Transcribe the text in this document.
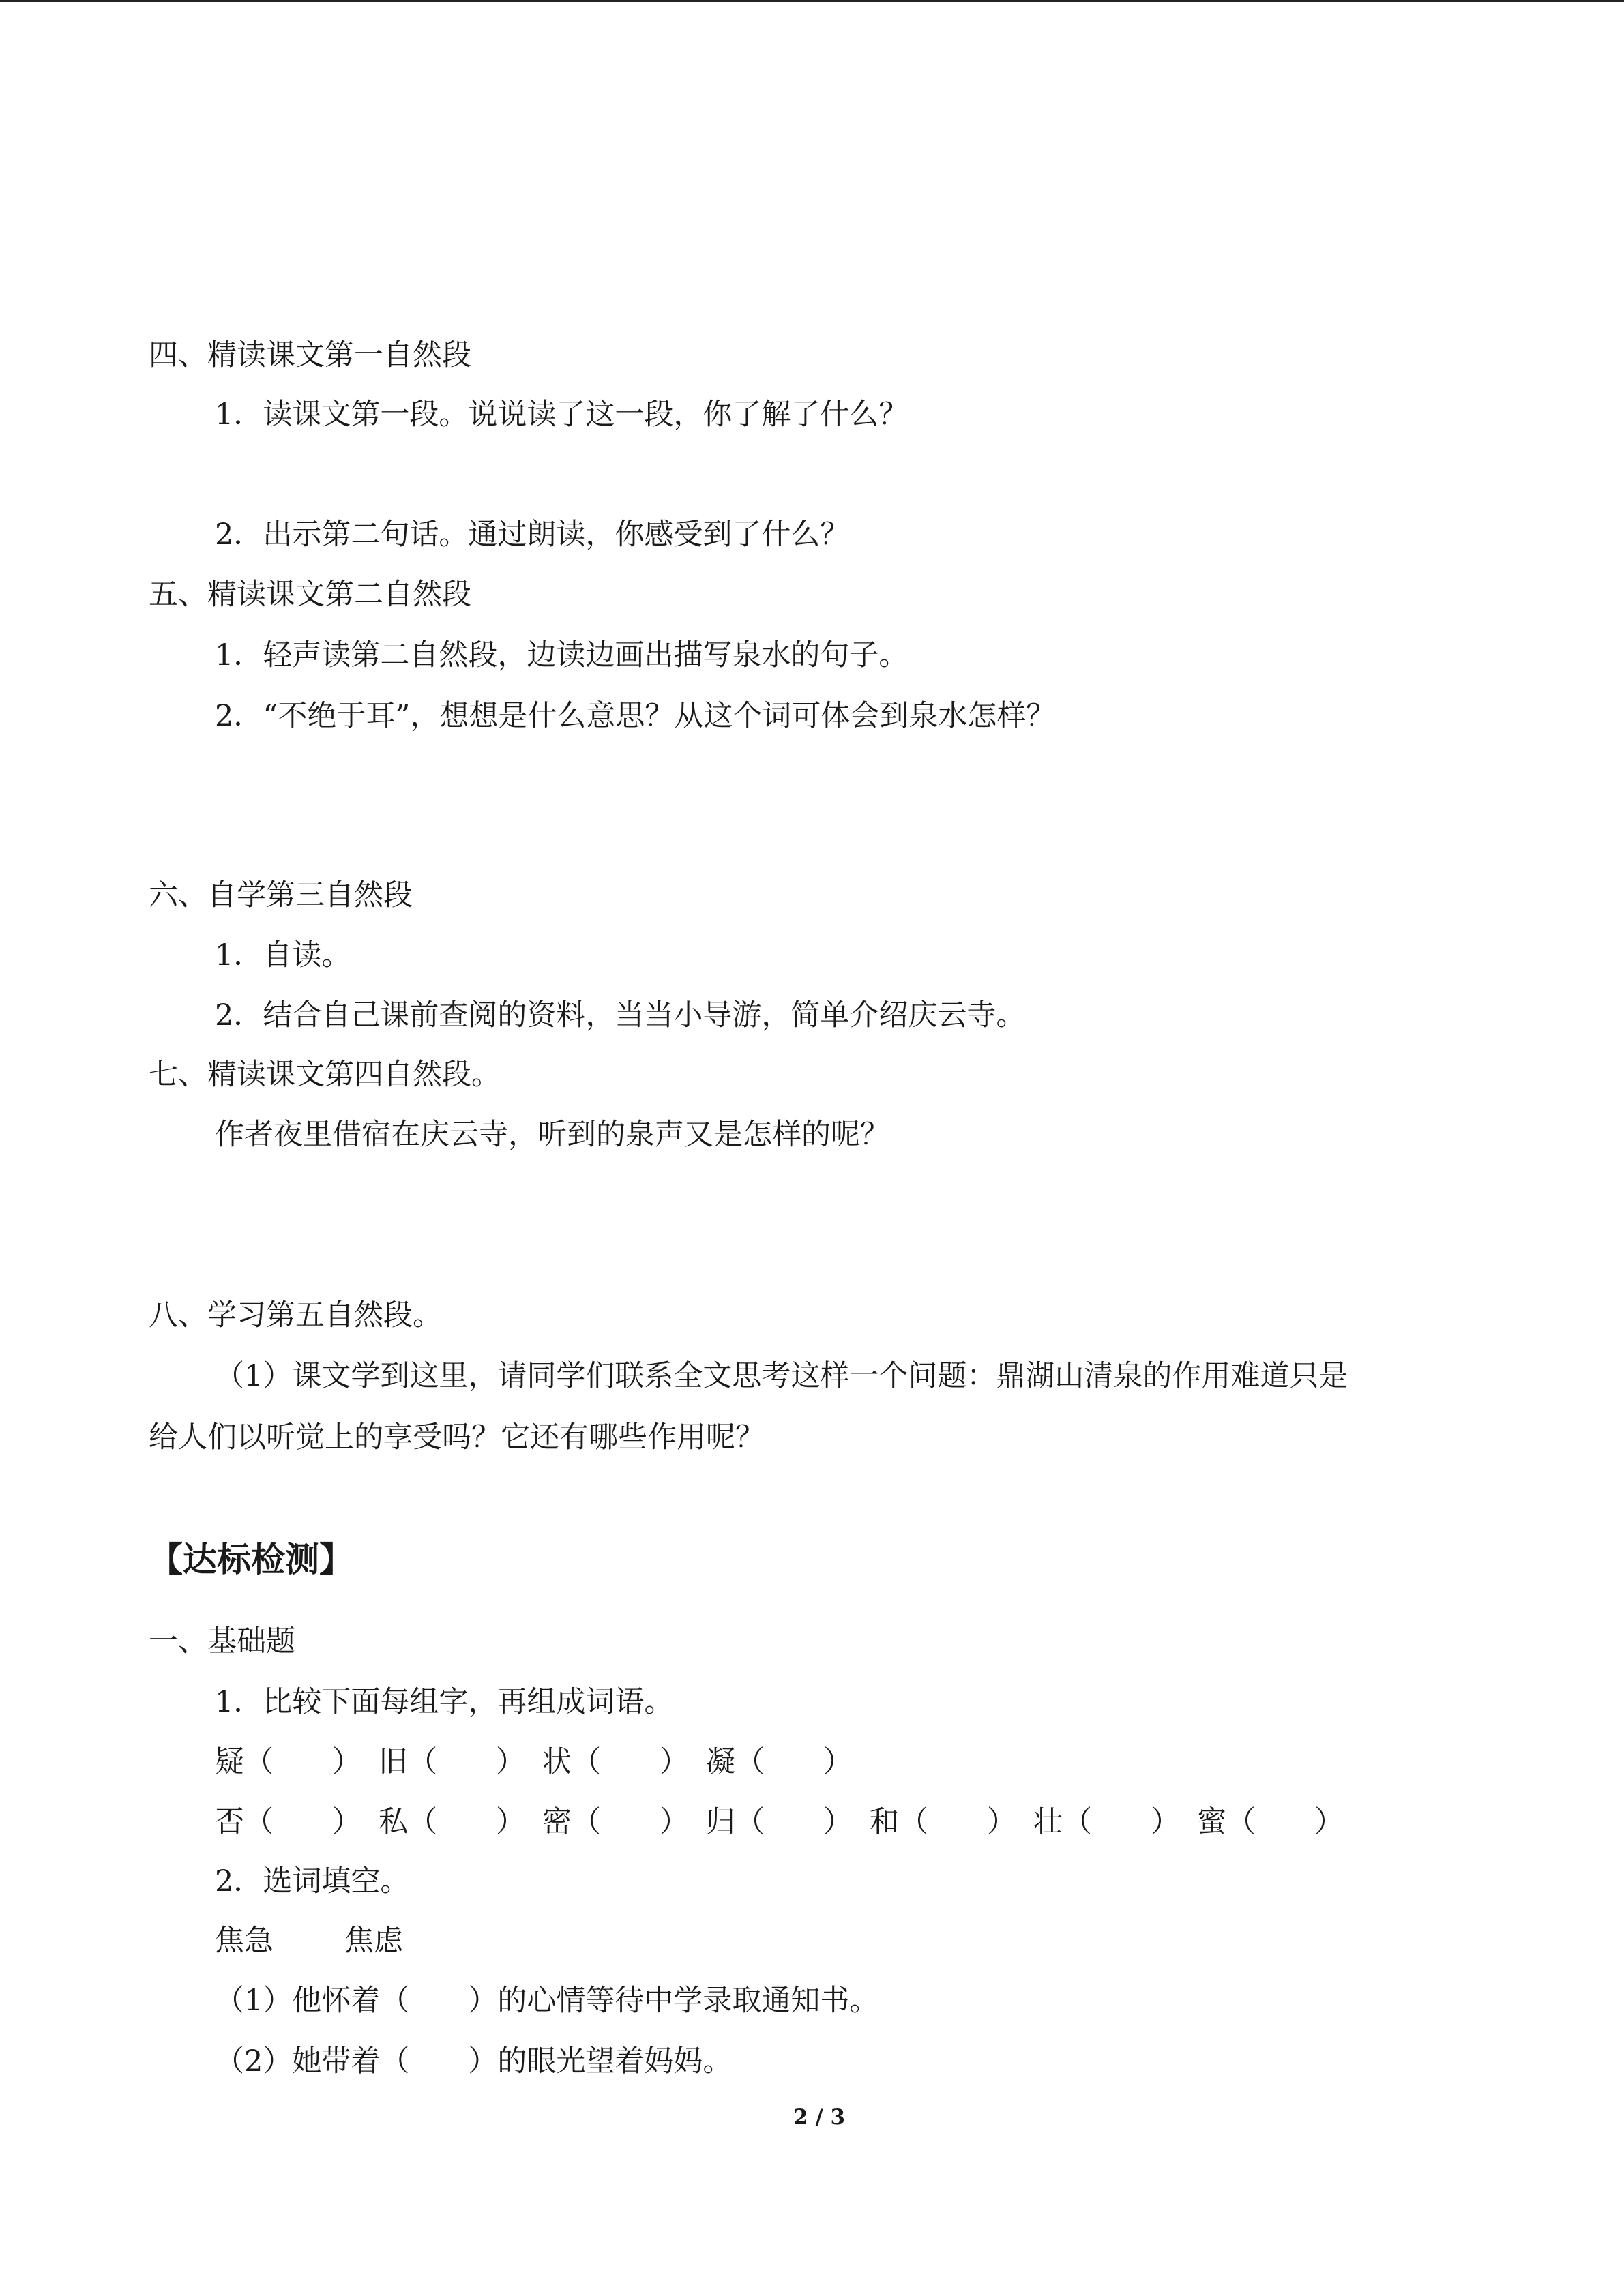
四、精读课文第一自然段
1．读课文第一段。说说读了这一段，你了解了什么？
2．出示第二句话。通过朗读，你感受到了什么？
五、精读课文第二自然段
1．轻声读第二自然段，边读边画出描写泉水的句子。
2．“不绝于耳”，想想是什么意思？从这个词可体会到泉水怎样？
六、自学第三自然段
1．自读。
2．结合自己课前查阅的资料，当当小导游，简单介绍庆云寺。
七、精读课文第四自然段。
作者夜里借宿在庆云寺，听到的泉声又是怎样的呢？
八、学习第五自然段。
（1）课文学到这里，请同学们联系全文思考这样一个问题：鼎湖山清泉的作用难道只是
给人们以听觉上的享受吗？它还有哪些作用呢？
【达标检测】
一、基础题
1．比较下面每组字，再组成词语。
疑（　　） 旧（　　） 状（　　） 凝（　　）
否（　　） 私（　　） 密（　　） 归（　　） 和（　　） 壮（　　） 蜜（　　）
2．选词填空。
焦急 焦虑
（1）他怀着（　　）的心情等待中学录取通知书。
（2）她带着（　　）的眼光望着妈妈。
2 / 3
